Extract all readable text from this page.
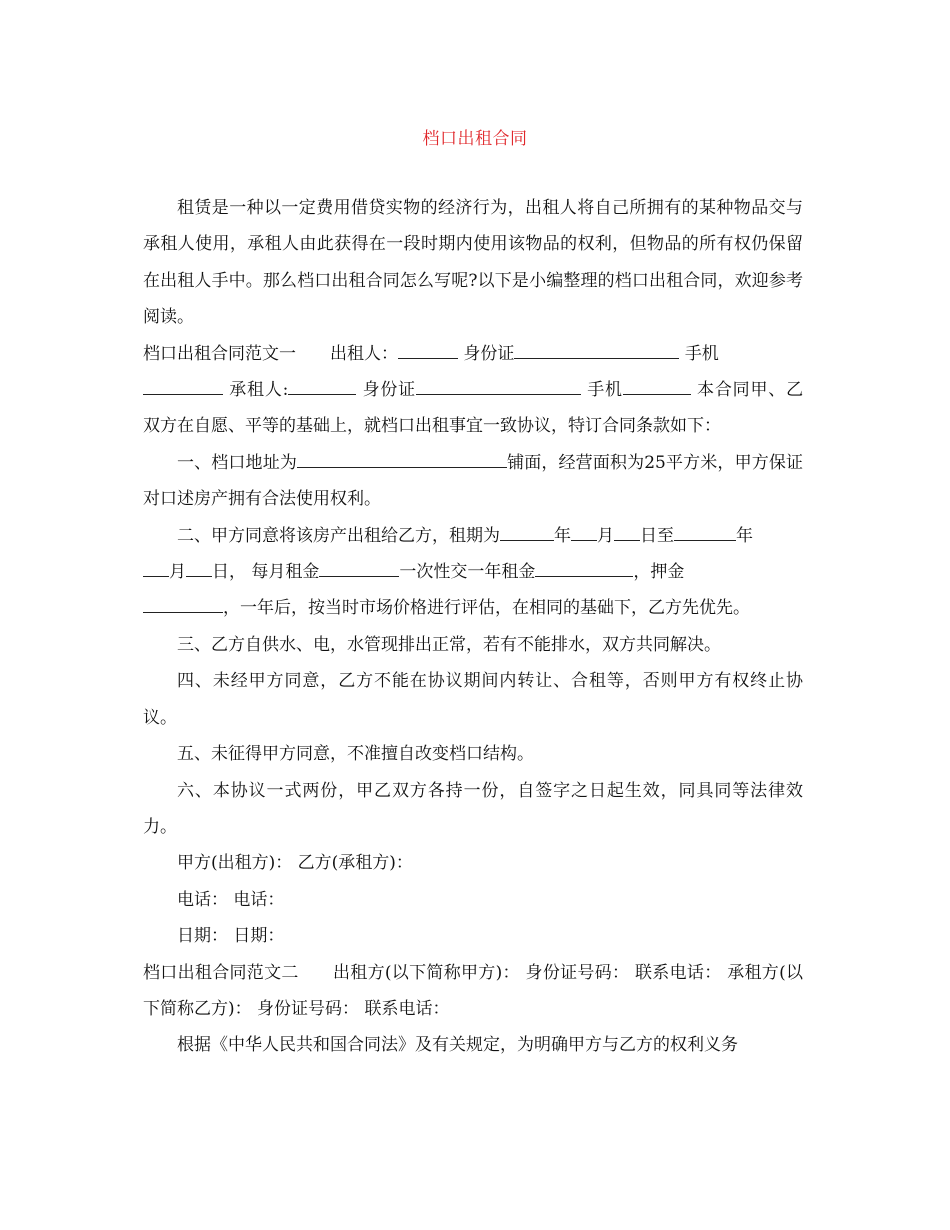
档口出租合同

租赁是一种以一定费用借贷实物的经济行为，出租人将自己所拥有的某种物品交与承租人使用，承租人由此获得在一段时期内使用该物品的权利，但物品的所有权仍保留在出租人手中。那么档口出租合同怎么写呢?以下是小编整理的档口出租合同，欢迎参考阅读。

档口出租合同范文一 出租人：	身份证	手机
承租人:	身份证	手机	本合同甲、乙双方在自愿、平等的基础上，就档口出租事宜一致协议，特订合同条款如下：

一、档口地址为	铺面，经营面积为25平方米，甲方保证对口述房产拥有合法使用权利。

二、甲方同意将该房产出租给乙方，租期为	年 月 日至	年
月 日， 每月租金	一次性交一年租金	，押金
，一年后，按当时市场价格进行评估，在相同的基础下，乙方先优先。

三、乙方自供水、电，水管现排出正常，若有不能排水，双方共同解决。

四、未经甲方同意，乙方不能在协议期间内转让、合租等，否则甲方有权终止协议。

五、未征得甲方同意，不准擅自改变档口结构。

六、本协议一式两份，甲乙双方各持一份，自签字之日起生效，同具同等法律效力。

甲方(出租方)： 乙方(承租方)：

电话： 电话：

日期： 日期：

档口出租合同范文二 出租方(以下简称甲方)： 身份证号码： 联系电话： 承租方(以下简称乙方)： 身份证号码： 联系电话：

根据《中华人民共和国合同法》及有关规定，为明确甲方与乙方的权利义务
